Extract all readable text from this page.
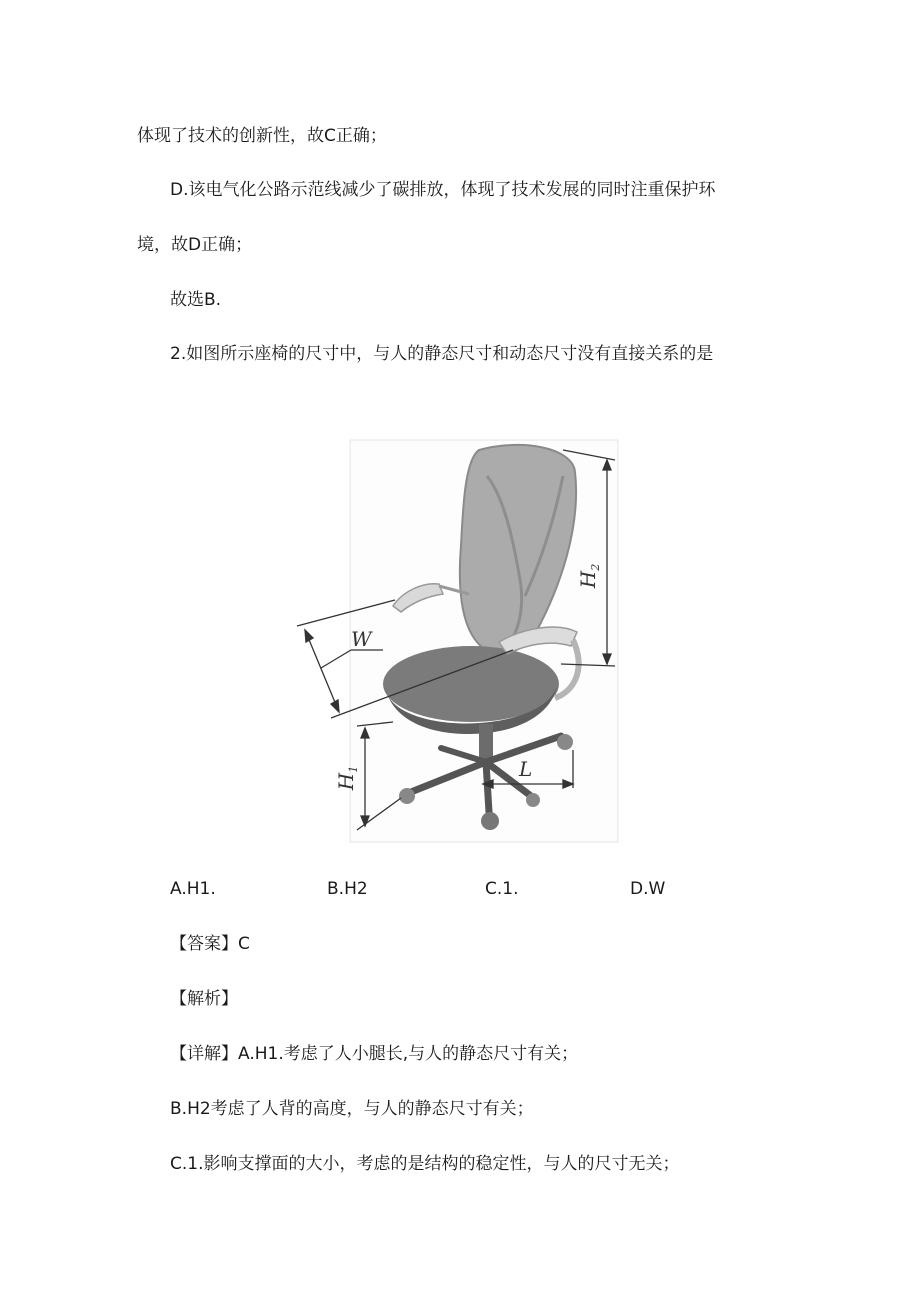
体现了技术的创新性，故C正确；
D.该电气化公路示范线减少了碳排放，体现了技术发展的同时注重保护环
境，故D正确；
故选B.
2.如图所示座椅的尺寸中，与人的静态尺寸和动态尺寸没有直接关系的是
$H_2$
W
$H_1$	L
A.H1.	B.H2	C.1.	D.W
【答案】C
【解析】
【详解】A.H1.考虑了人小腿长,与人的静态尺寸有关；
B.H2考虑了人背的高度，与人的静态尺寸有关；
C.1.影响支撑面的大小，考虑的是结构的稳定性，与人的尺寸无关；
